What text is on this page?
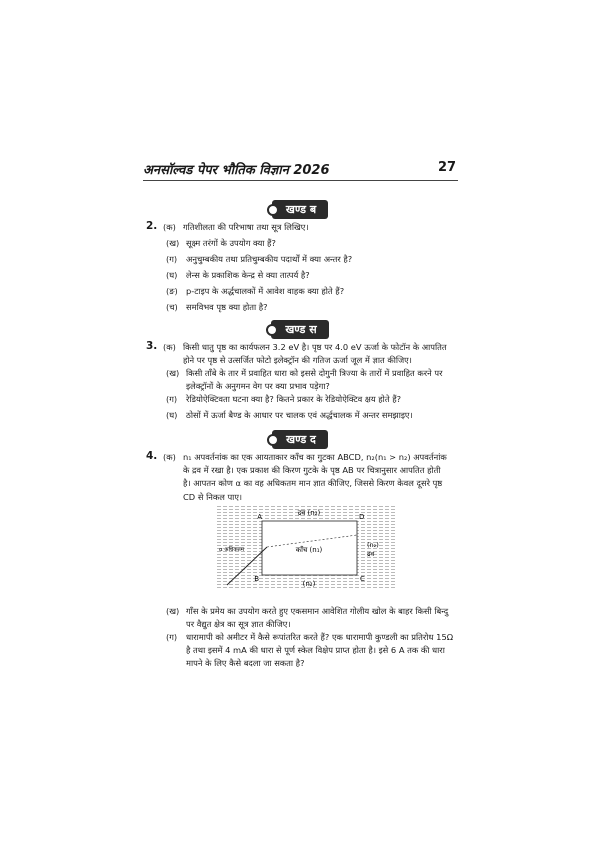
अनसॉल्वड पेपर भौतिक विज्ञान 2026	27
खण्ड ब
2. (क) गतिशीलता की परिभाषा तथा सूत्र लिखिए।
(ख) सूक्ष्म तरंगों के उपयोग क्या हैं?
(ग) अनुचुम्बकीय तथा प्रतिचुम्बकीय पदार्थों में क्या अन्तर है?
(घ) लेन्स के प्रकाशिक केन्द्र से क्या तात्पर्य है?
(ङ) p-टाइप के अर्द्धचालकों में आवेश वाहक क्या होते हैं?
(च) समविभव पृष्ठ क्या होता है?
खण्ड स
3. (क) किसी धातु पृष्ठ का कार्यफलन 3.2 eV है। पृष्ठ पर 4.0 eV ऊर्जा के फोटॉन के आपतित
होने पर पृष्ठ से उत्सर्जित फोटो इलेक्ट्रॉन की गतिज ऊर्जा जूल में ज्ञात कीजिए।
(ख) किसी ताँबे के तार में प्रवाहित धारा को इससे दोगुनी त्रिज्या के तारों में प्रवाहित करने पर
इलेक्ट्रॉनों के अनुगमन वेग पर क्या प्रभाव पड़ेगा?
(ग) रेडियोऐक्टिवता घटना क्या है? कितने प्रकार के रेडियोऐक्टिव क्षय होते हैं?
(घ) ठोसों में ऊर्जा बैण्ड के आधार पर चालक एवं अर्द्धचालक में अन्तर समझाइए।
खण्ड द
4. (क) n₁ अपवर्तनांक का एक आयताकार काँच का गुटका ABCD, n₂(n₁ > n₂) अपवर्तनांक
के द्रव में रखा है। एक प्रकाश की किरण गुटके के पृष्ठ AB पर चित्रानुसार आपतित होती
है। आपतन कोण α का वह अधिकतम मान ज्ञात कीजिए, जिससे किरण केवल दूसरे पृष्ठ
CD से निकल पाए।
A
B	C
D
द्रव (n₂)
काँच (n₁)
(n₂)
द्रव
(n₂)
α अधिकतम
(ख) गाँस के प्रमेय का उपयोग करते हुए एकसमान आवेशित गोलीय खोल के बाहर किसी बिन्दु
पर वैद्युत क्षेत्र का सूत्र ज्ञात कीजिए।
(ग) धारामापी को अमीटर में कैसे रूपांतरित करते हैं? एक धारामापी कुण्डली का प्रतिरोध 15Ω
है तथा इसमें 4 mA की धारा से पूर्ण स्केल विक्षेप प्राप्त होता है। इसे 6 A तक की धारा
मापने के लिए कैसे बदला जा सकता है?
